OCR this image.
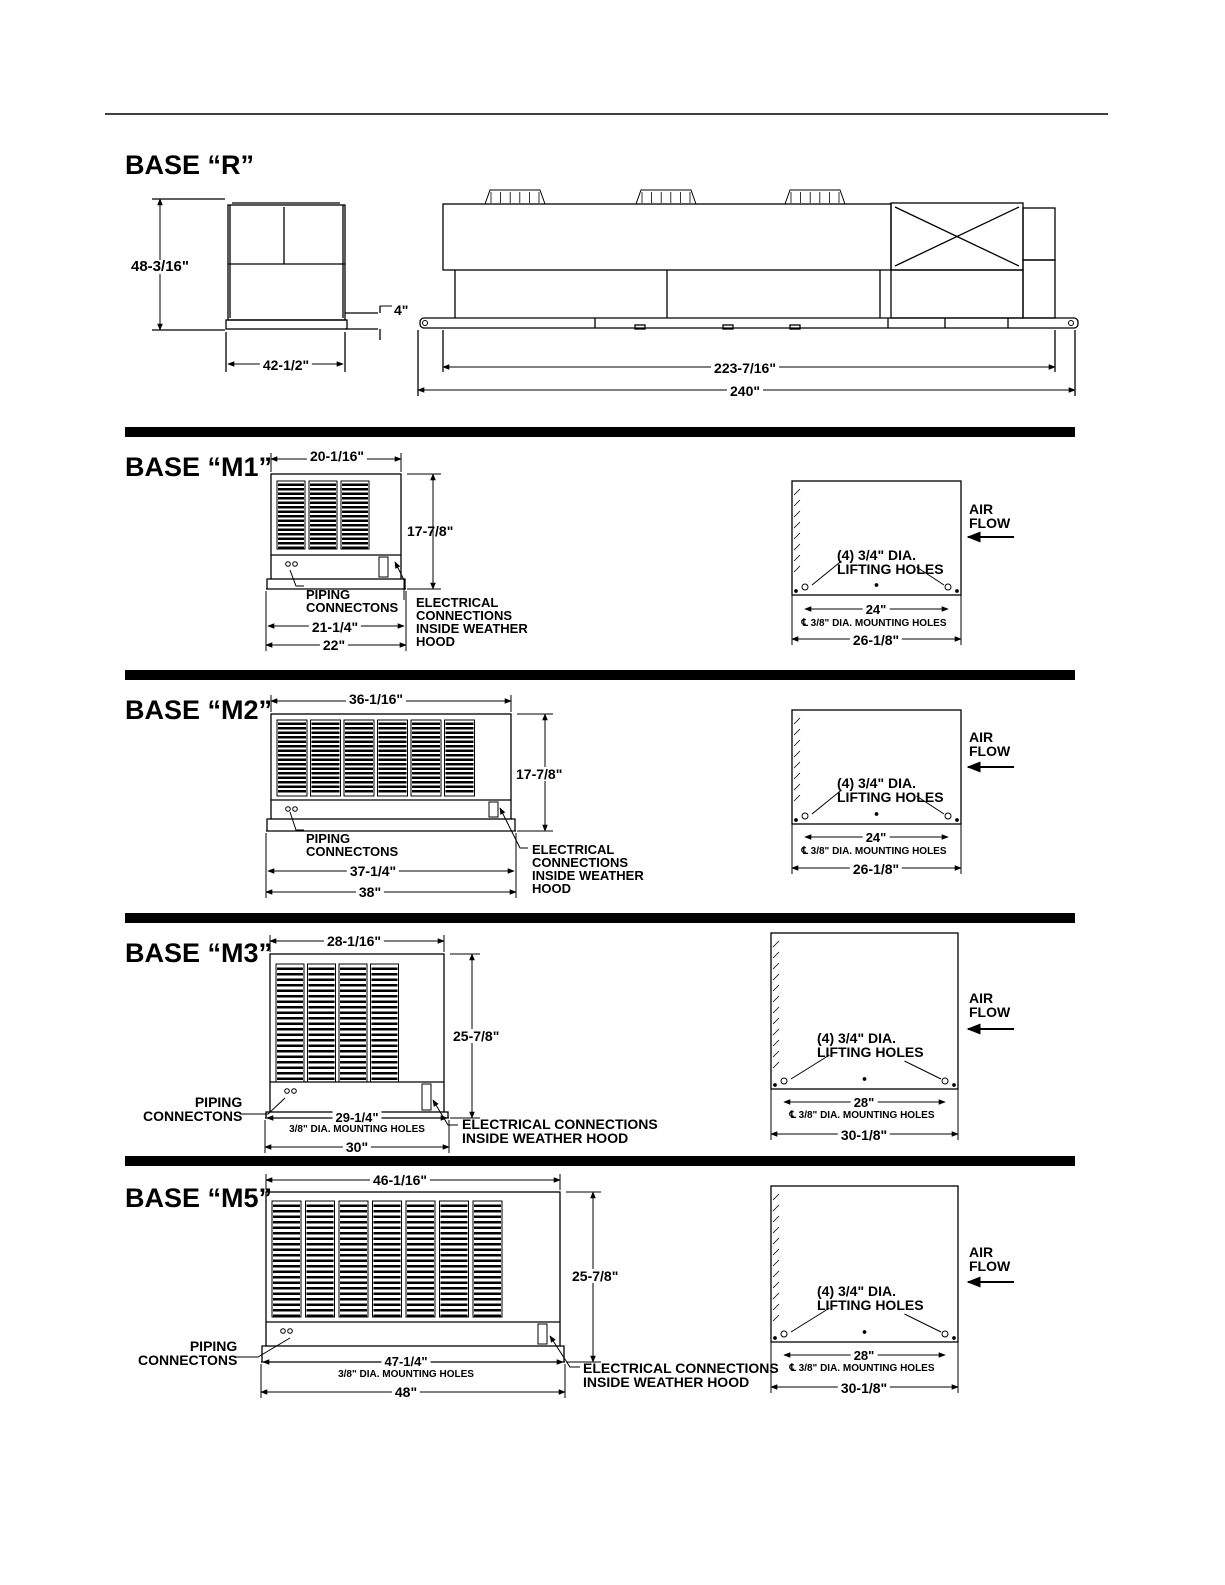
BASE “R”
BASE “M1”
BASE “M2”
BASE “M3”
BASE “M5”
48-3/16"
42-1/2"
4"
223-7/16"
240"
20-1/16"
17-7/8"
PIPING
CONNECTONS ELECTRICAL
CONNECTIONS
INSIDE WEATHER
HOOD
21-1/4"
22"
AIR
FLOW
(4) 3/4" DIA.
LIFTING HOLES
24"
℄ 3/8" DIA. MOUNTING HOLES
26-1/8"
36-1/16"
17-7/8"
PIPING
CONNECTONS	ELECTRICAL
CONNECTIONS
INSIDE WEATHER
HOOD
37-1/4"
38"
AIR
FLOW
(4) 3/4" DIA.
LIFTING HOLES
24"
℄ 3/8" DIA. MOUNTING HOLES
26-1/8"
28-1/16"
25-7/8"
PIPING
CONNECTONS	29-1/4"
3/8" DIA. MOUNTING HOLES
30"
ELECTRICAL CONNECTIONS
INSIDE WEATHER HOOD
AIR
FLOW
(4) 3/4" DIA.
LIFTING HOLES
28"
℄ 3/8" DIA. MOUNTING HOLES
30-1/8"
46-1/16"
25-7/8"
PIPING
CONNECTONS	47-1/4"
3/8" DIA. MOUNTING HOLES
48"
ELECTRICAL CONNECTIONS
INSIDE WEATHER HOOD
AIR
FLOW
(4) 3/4" DIA.
LIFTING HOLES
28"
℄ 3/8" DIA. MOUNTING HOLES
30-1/8"
